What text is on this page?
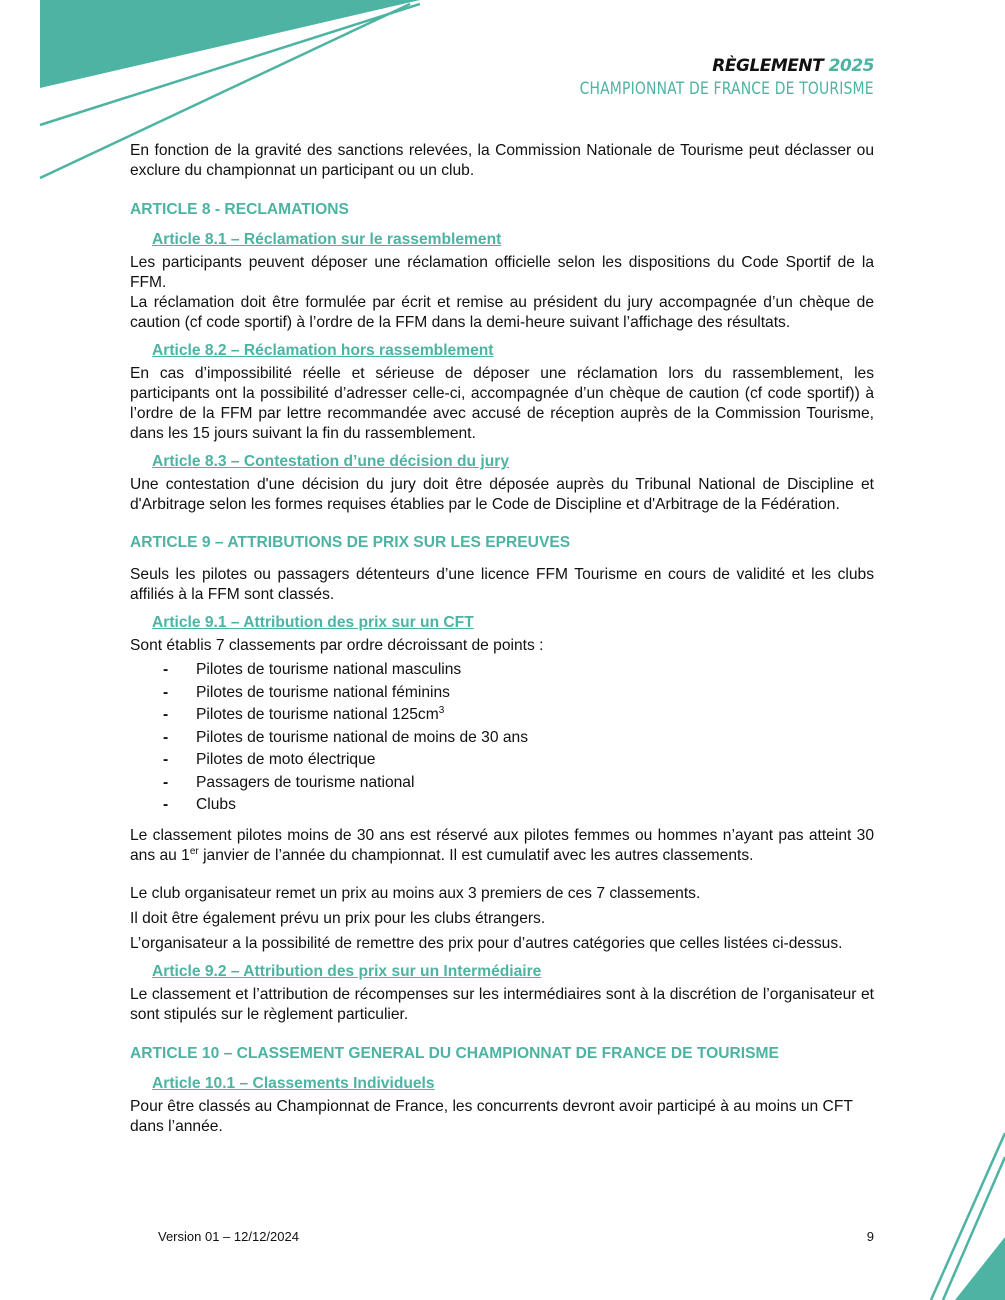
RÈGLEMENT 2025
CHAMPIONNAT DE FRANCE DE TOURISME

En fonction de la gravité des sanctions relevées, la Commission Nationale de Tourisme peut déclasser ou exclure du championnat un participant ou un club.

ARTICLE 8 - RECLAMATIONS
Article 8.1 – Réclamation sur le rassemblement

Les participants peuvent déposer une réclamation officielle selon les dispositions du Code Sportif de la FFM.

La réclamation doit être formulée par écrit et remise au président du jury accompagnée d’un chèque de caution (cf code sportif) à l’ordre de la FFM dans la demi-heure suivant l’affichage des résultats.

Article 8.2 – Réclamation hors rassemblement

En cas d’impossibilité réelle et sérieuse de déposer une réclamation lors du rassemblement, les participants ont la possibilité d’adresser celle-ci, accompagnée d’un chèque de caution (cf code sportif)) à l’ordre de la FFM par lettre recommandée avec accusé de réception auprès de la Commission Tourisme, dans les 15 jours suivant la fin du rassemblement.

Article 8.3 – Contestation d’une décision du jury

Une contestation d'une décision du jury doit être déposée auprès du Tribunal National de Discipline et d'Arbitrage selon les formes requises établies par le Code de Discipline et d'Arbitrage de la Fédération.

ARTICLE 9 – ATTRIBUTIONS DE PRIX SUR LES EPREUVES

Seuls les pilotes ou passagers détenteurs d’une licence FFM Tourisme en cours de validité et les clubs affiliés à la FFM sont classés.

Article 9.1 – Attribution des prix sur un CFT

Sont établis 7 classements par ordre décroissant de points :

- Pilotes de tourisme national masculins
- Pilotes de tourisme national féminins
- Pilotes de tourisme national $125cm^3$
- Pilotes de tourisme national de moins de 30 ans
- Pilotes de moto électrique
- Passagers de tourisme national
- Clubs

Le classement pilotes moins de 30 ans est réservé aux pilotes femmes ou hommes n’ayant pas atteint 30 ans au 1er janvier de l’année du championnat. Il est cumulatif avec les autres classements.

Le club organisateur remet un prix au moins aux 3 premiers de ces 7 classements.

Il doit être également prévu un prix pour les clubs étrangers.

L’organisateur a la possibilité de remettre des prix pour d’autres catégories que celles listées ci-dessus.

Article 9.2 – Attribution des prix sur un Intermédiaire

Le classement et l’attribution de récompenses sur les intermédiaires sont à la discrétion de l’organisateur et sont stipulés sur le règlement particulier.

ARTICLE 10 – CLASSEMENT GENERAL DU CHAMPIONNAT DE FRANCE DE TOURISME
Article 10.1 – Classements Individuels

Pour être classés au Championnat de France, les concurrents devront avoir participé à au moins un CFT dans l’année.

Version 01 – 12/12/2024	9
